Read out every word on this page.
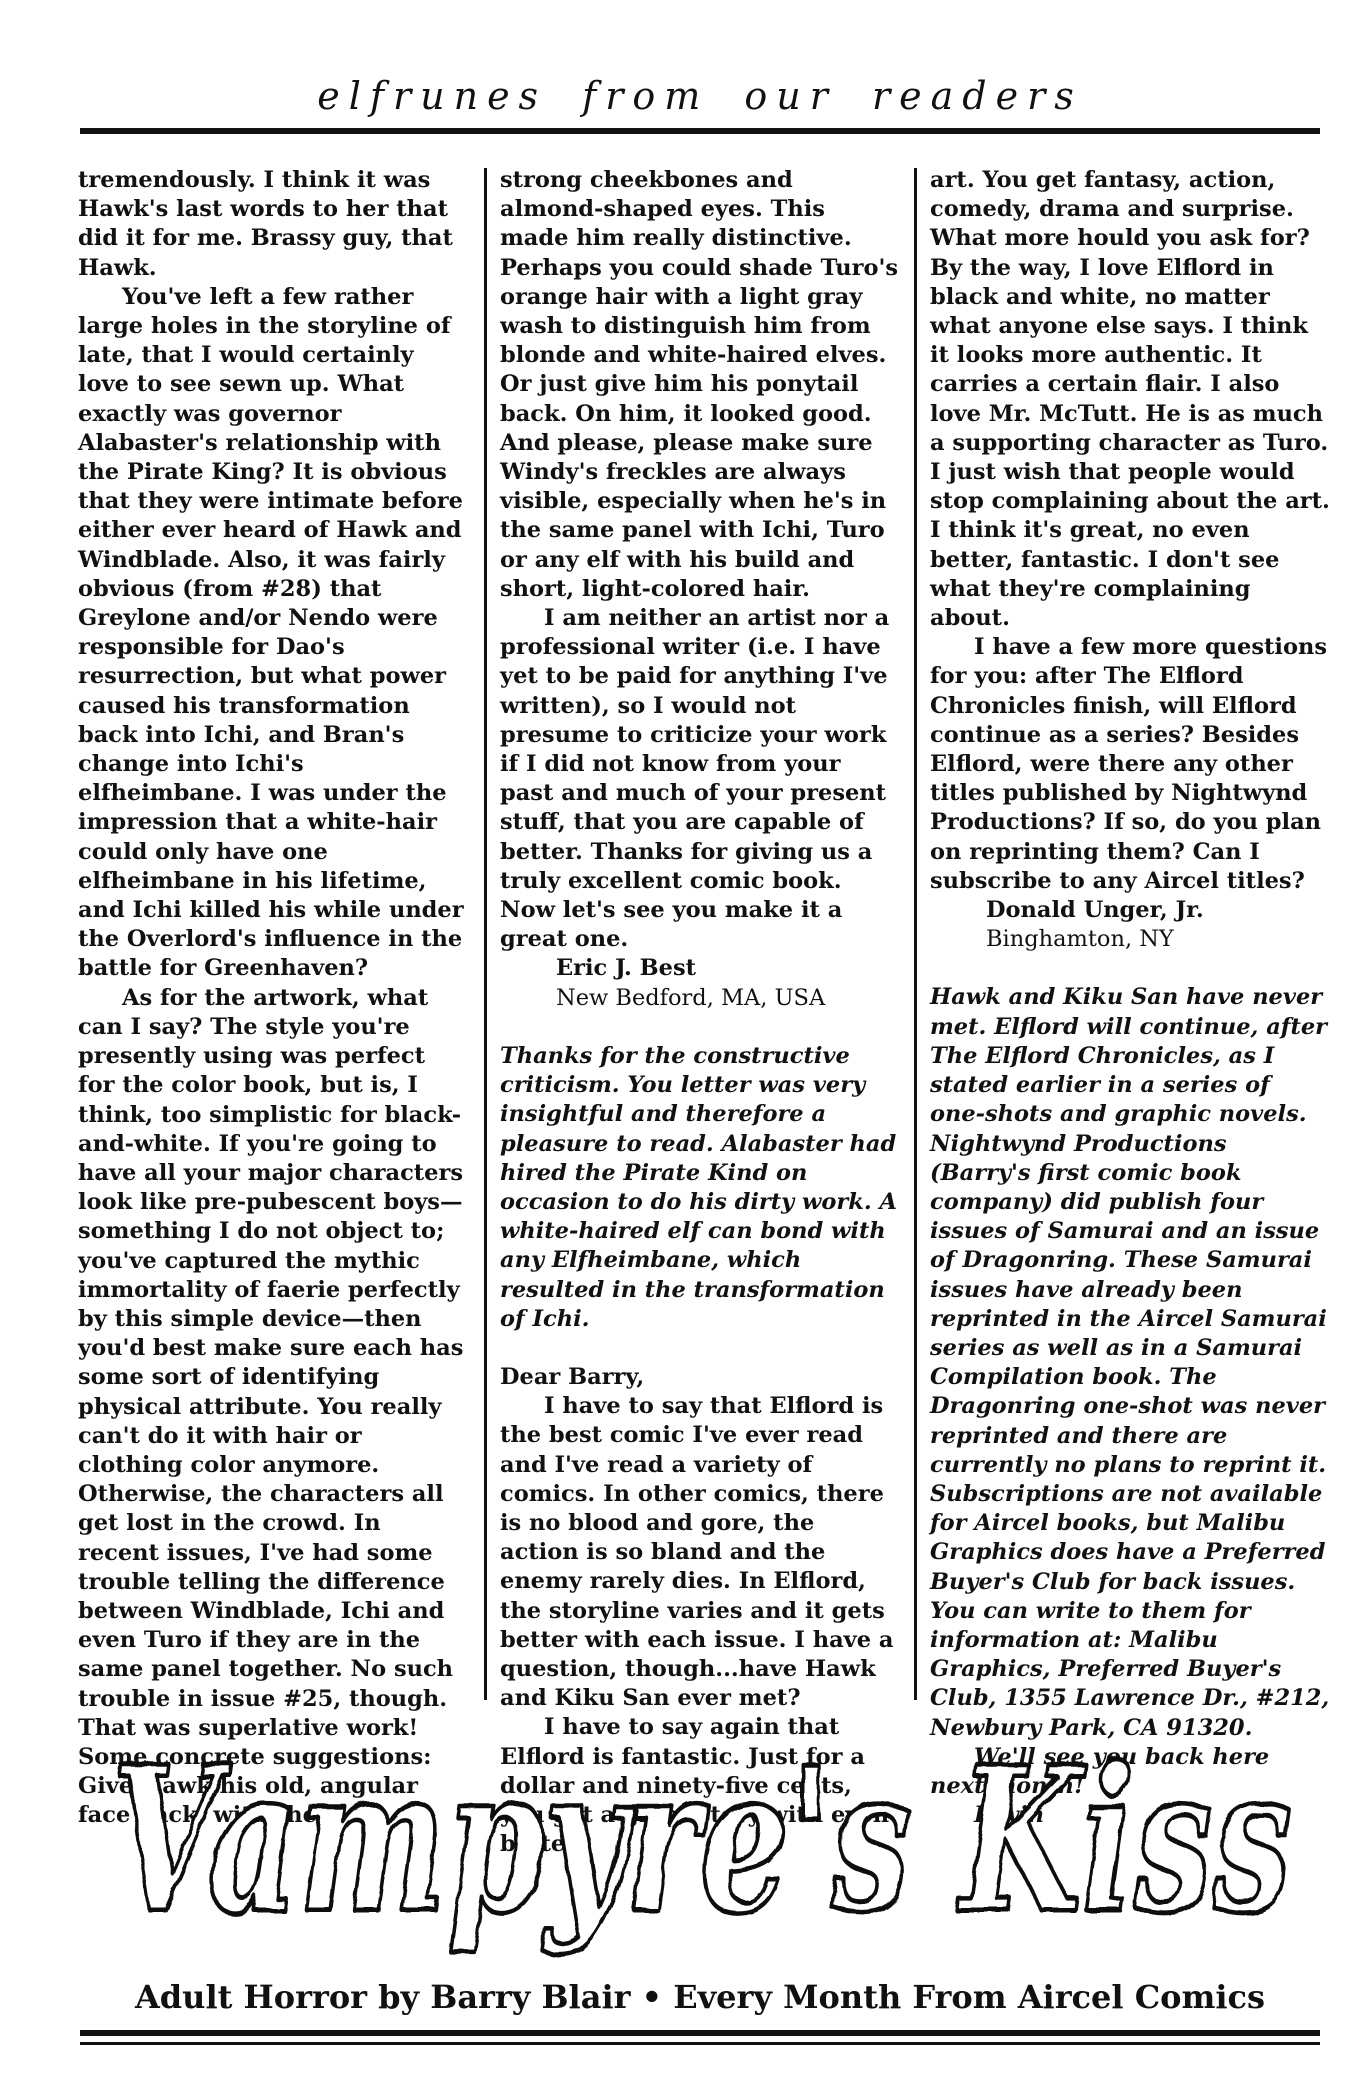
elfrunes from our readers

tremendously. I think it was Hawk's last words to her that did it for me. Brassy guy, that Hawk.

You've left a few rather large holes in the storyline of late, that I would certainly love to see sewn up. What exactly was governor Alabaster's relationship with the Pirate King? It is obvious that they were intimate before either ever heard of Hawk and Windblade. Also, it was fairly obvious (from #28) that Greylone and/or Nendo were responsible for Dao's resurrection, but what power caused his transformation back into Ichi, and Bran's change into Ichi's elfheimbane. I was under the impression that a white-hair could only have one elfheimbane in his lifetime, and Ichi killed his while under the Overlord's influence in the battle for Greenhaven?

As for the artwork, what can I say? The style you're presently using was perfect for the color book, but is, I think, too simplistic for black-and-white. If you're going to have all your major characters look like pre-pubescent boys—something I do not object to; you've captured the mythic immortality of faerie perfectly by this simple device—then you'd best make sure each has some sort of identifying physical attribute. You really can't do it with hair or clothing color anymore. Otherwise, the characters all get lost in the crowd. In recent issues, I've had some trouble telling the difference between Windblade, Ichi and even Turo if they are in the same panel together. No such trouble in issue #25, though. That was superlative work! Some concrete suggestions: Give Hawk his old, angular face back, with the

strong cheekbones and almond-shaped eyes. This made him really distinctive. Perhaps you could shade Turo's orange hair with a light gray wash to distinguish him from blonde and white-haired elves. Or just give him his ponytail back. On him, it looked good. And please, please make sure Windy's freckles are always visible, especially when he's in the same panel with Ichi, Turo or any elf with his build and short, light-colored hair.

I am neither an artist nor a professional writer (i.e. I have yet to be paid for anything I've written), so I would not presume to criticize your work if I did not know from your past and much of your present stuff, that you are capable of better. Thanks for giving us a truly excellent comic book. Now let's see you make it a great one.

Eric J. Best

New Bedford, MA, USA

Thanks for the constructive criticism. You letter was very insightful and therefore a pleasure to read. Alabaster had hired the Pirate Kind on occasion to do his dirty work. A white-haired elf can bond with any Elfheimbane, which resulted in the transformation of Ichi.

Dear Barry,

I have to say that Elflord is the best comic I've ever read and I've read a variety of comics. In other comics, there is no blood and gore, the action is so bland and the enemy rarely dies. In Elflord, the storyline varies and it gets better with each issue. I have a question, though...have Hawk and Kiku San ever met?

I have to say again that Elflord is fantastic. Just for a dollar and ninety-five cents, you get a great story with even better

art. You get fantasy, action, comedy, drama and surprise. What more hould you ask for? By the way, I love Elflord in black and white, no matter what anyone else says. I think it looks more authentic. It carries a certain flair. I also love Mr. McTutt. He is as much a supporting character as Turo. I just wish that people would stop complaining about the art. I think it's great, no even better, fantastic. I don't see what they're complaining about.

I have a few more questions for you: after The Elflord Chronicles finish, will Elflord continue as a series? Besides Elflord, were there any other titles published by Nightwynd Productions? If so, do you plan on reprinting them? Can I subscribe to any Aircel titles?

Donald Unger, Jr.

Binghamton, NY

Hawk and Kiku San have never met. Elflord will continue, after The Elflord Chronicles, as I stated earlier in a series of one-shots and graphic novels. Nightwynd Productions (Barry's first comic book company) did publish four issues of Samurai and an issue of Dragonring. These Samurai issues have already been reprinted in the Aircel Samurai series as well as in a Samurai Compilation book. The Dragonring one-shot was never reprinted and there are currently no plans to reprint it. Subscriptions are not available for Aircel books, but Malibu Graphics does have a Preferred Buyer's Club for back issues. You can write to them for information at: Malibu Graphics, Preferred Buyer's Club, 1355 Lawrence Dr., #212, Newbury Park, CA 91320.

We'll see you back here next month!

Eiwin

Vampyre's Kiss
Adult Horror by Barry Blair • Every Month From Aircel Comics
